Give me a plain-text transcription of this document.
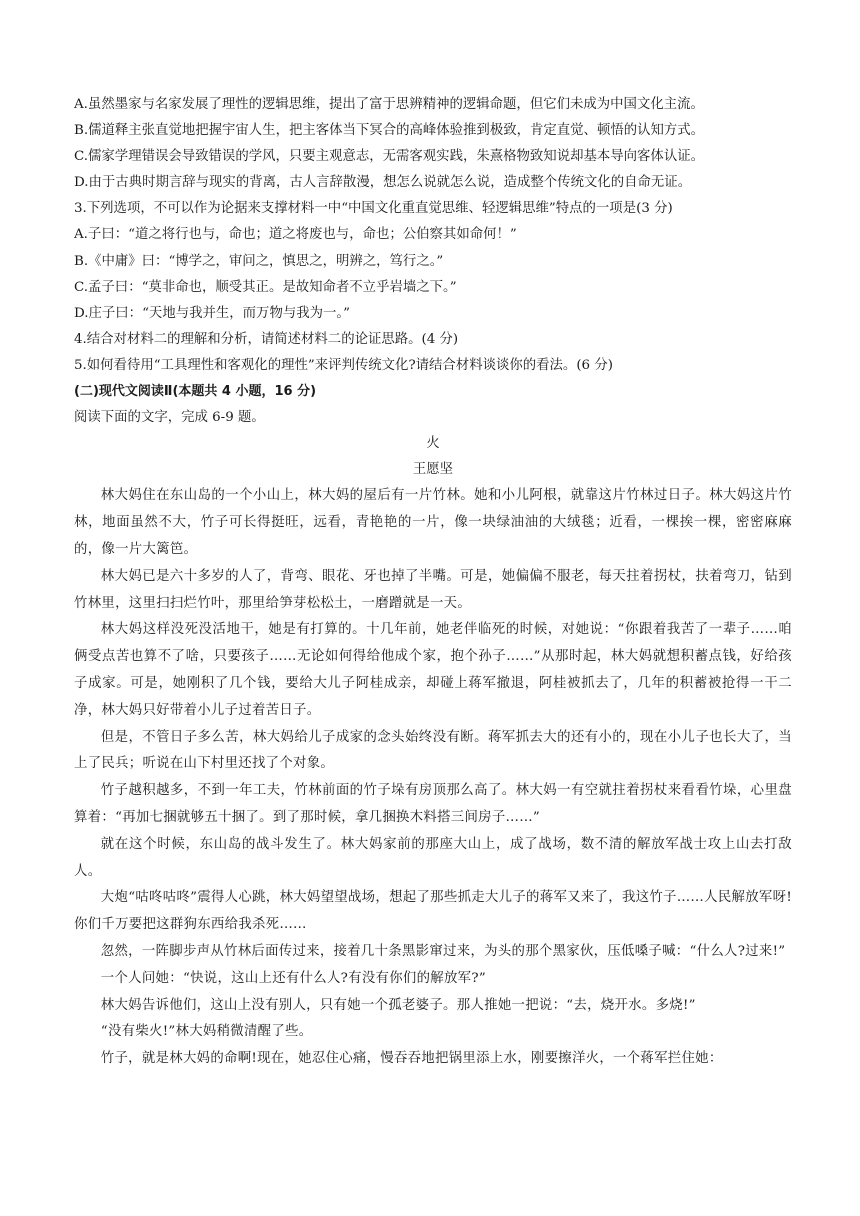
A.虽然墨家与名家发展了理性的逻辑思维，提出了富于思辨精神的逻辑命题，但它们未成为中国文化主流。
B.儒道释主张直觉地把握宇宙人生，把主客体当下冥合的高峰体验推到极致，肯定直觉、顿悟的认知方式。
C.儒家学理错误会导致错误的学风，只要主观意志，无需客观实践，朱熹格物致知说却基本导向客体认证。
D.由于古典时期言辞与现实的背离，古人言辞散漫，想怎么说就怎么说，造成整个传统文化的自命无证。
3.下列选项，不可以作为论据来支撑材料一中“中国文化重直觉思维、轻逻辑思维”特点的一项是(3 分)
A.子曰：“道之将行也与，命也；道之将废也与，命也；公伯察其如命何！”
B.《中庸》曰：“博学之，审问之，慎思之，明辨之，笃行之。”
C.孟子曰：“莫非命也，顺受其正。是故知命者不立乎岩墙之下。”
D.庄子曰：“天地与我并生，而万物与我为一。”
4.结合对材料二的理解和分析，请简述材料二的论证思路。(4 分)
5.如何看待用“工具理性和客观化的理性”来评判传统文化?请结合材料谈谈你的看法。(6 分)
(二)现代文阅读Ⅱ(本题共 4 小题，16 分)
阅读下面的文字，完成 6-9 题。
火
王愿坚

林大妈住在东山岛的一个小山上，林大妈的屋后有一片竹林。她和小儿阿根，就靠这片竹林过日子。林大妈这片竹林，地面虽然不大，竹子可长得挺旺，远看，青艳艳的一片，像一块绿油油的大绒毯；近看，一棵挨一棵，密密麻麻的，像一片大篱笆。

林大妈已是六十多岁的人了，背弯、眼花、牙也掉了半嘴。可是，她偏偏不服老，每天拄着拐杖，扶着弯刀，钻到竹林里，这里扫扫烂竹叶，那里给笋芽松松土，一磨蹭就是一天。

林大妈这样没死没活地干，她是有打算的。十几年前，她老伴临死的时候，对她说：“你跟着我苦了一辈子……咱俩受点苦也算不了啥，只要孩子……无论如何得给他成个家，抱个孙子……”从那时起，林大妈就想积蓄点钱，好给孩子成家。可是，她刚积了几个钱，要给大儿子阿桂成亲，却碰上蒋军撤退，阿桂被抓去了，几年的积蓄被抢得一干二净，林大妈只好带着小儿子过着苦日子。

但是，不管日子多么苦，林大妈给儿子成家的念头始终没有断。蒋军抓去大的还有小的，现在小儿子也长大了，当上了民兵；听说在山下村里还找了个对象。

竹子越积越多，不到一年工夫，竹林前面的竹子垛有房顶那么高了。林大妈一有空就拄着拐杖来看看竹垛，心里盘算着：“再加七捆就够五十捆了。到了那时候，拿几捆换木料搭三间房子……”

就在这个时候，东山岛的战斗发生了。林大妈家前的那座大山上，成了战场，数不清的解放军战士攻上山去打敌人。

大炮“咕咚咕咚”震得人心跳，林大妈望望战场，想起了那些抓走大儿子的蒋军又来了，我这竹子……人民解放军呀!你们千万要把这群狗东西给我杀死……

忽然，一阵脚步声从竹林后面传过来，接着几十条黑影窜过来，为头的那个黑家伙，压低嗓子喊：“什么人?过来!”

一个人问她：“快说，这山上还有什么人?有没有你们的解放军?”

林大妈告诉他们，这山上没有别人，只有她一个孤老婆子。那人推她一把说：“去，烧开水。多烧!”

“没有柴火!”林大妈稍微清醒了些。

竹子，就是林大妈的命啊!现在，她忍住心痛，慢吞吞地把锅里添上水，刚要擦洋火，一个蒋军拦住她：
